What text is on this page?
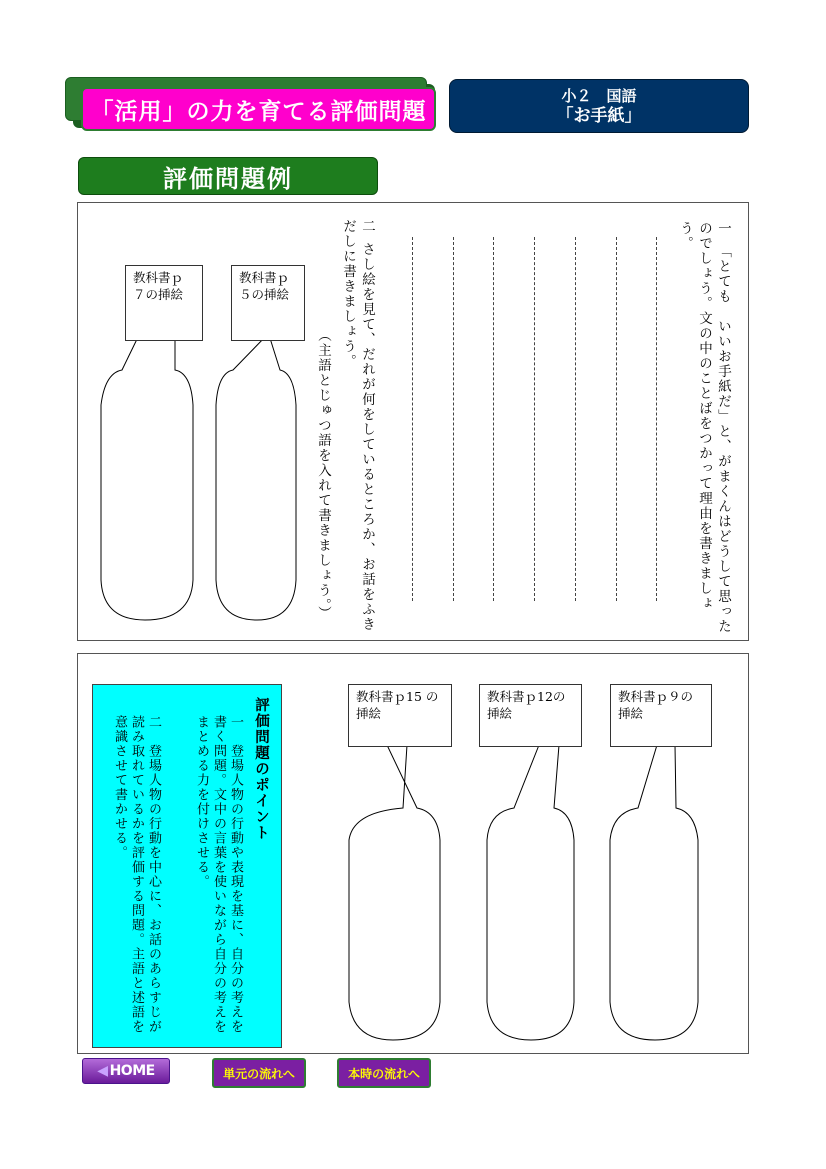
「活用」の力を育てる評価問題
小２　国語
「お手紙」
評価問題例
一「とても　いいお手紙だ」と、がまくんはどうして思ったのでしょう。文の中のことばをつかって理由を書きましょう。
二さし絵を見て、だれが何をしているところか、お話をふきだしに書きましょう。
（主語とじゅつ語を入れて書きましょう。）
教科書ｐ５の挿絵
教科書ｐ７の挿絵
評価問題のポイント
一　登場人物の行動や表現を基に、自分の考えを書く問題。文中の言葉を使いながら自分の考えをまとめる力を付けさせる。
二　登場人物の行動を中心に、お話のあらすじが読み取れているかを評価する問題。主語と述語を意識させて書かせる。
教科書ｐ15 の挿絵
教科書ｐ12の挿絵
教科書ｐ９の挿絵
◀ HOME	単元の流れへ	本時の流れへ
